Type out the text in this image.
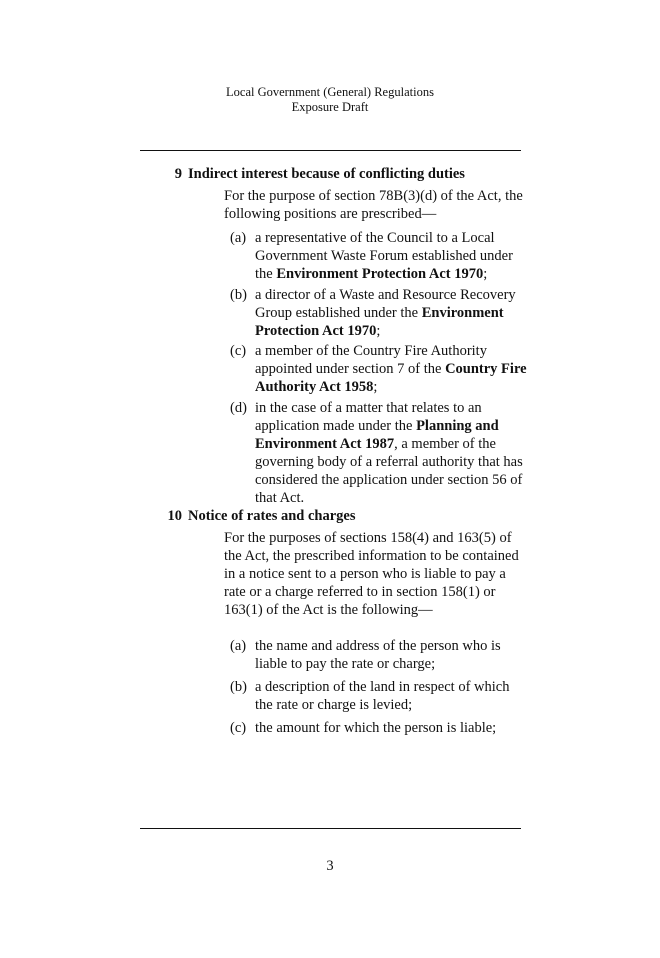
Local Government (General) Regulations
Exposure Draft
9 Indirect interest because of conflicting duties
For the purpose of section 78B(3)(d) of the Act, the following positions are prescribed—
(a) a representative of the Council to a Local Government Waste Forum established under the Environment Protection Act 1970;
(b) a director of a Waste and Resource Recovery Group established under the Environment Protection Act 1970;
(c) a member of the Country Fire Authority appointed under section 7 of the Country Fire Authority Act 1958;
(d) in the case of a matter that relates to an application made under the Planning and Environment Act 1987, a member of the governing body of a referral authority that has considered the application under section 56 of that Act.
10 Notice of rates and charges
For the purposes of sections 158(4) and 163(5) of the Act, the prescribed information to be contained in a notice sent to a person who is liable to pay a rate or a charge referred to in section 158(1) or 163(1) of the Act is the following—
(a) the name and address of the person who is liable to pay the rate or charge;
(b) a description of the land in respect of which the rate or charge is levied;
(c) the amount for which the person is liable;
3
